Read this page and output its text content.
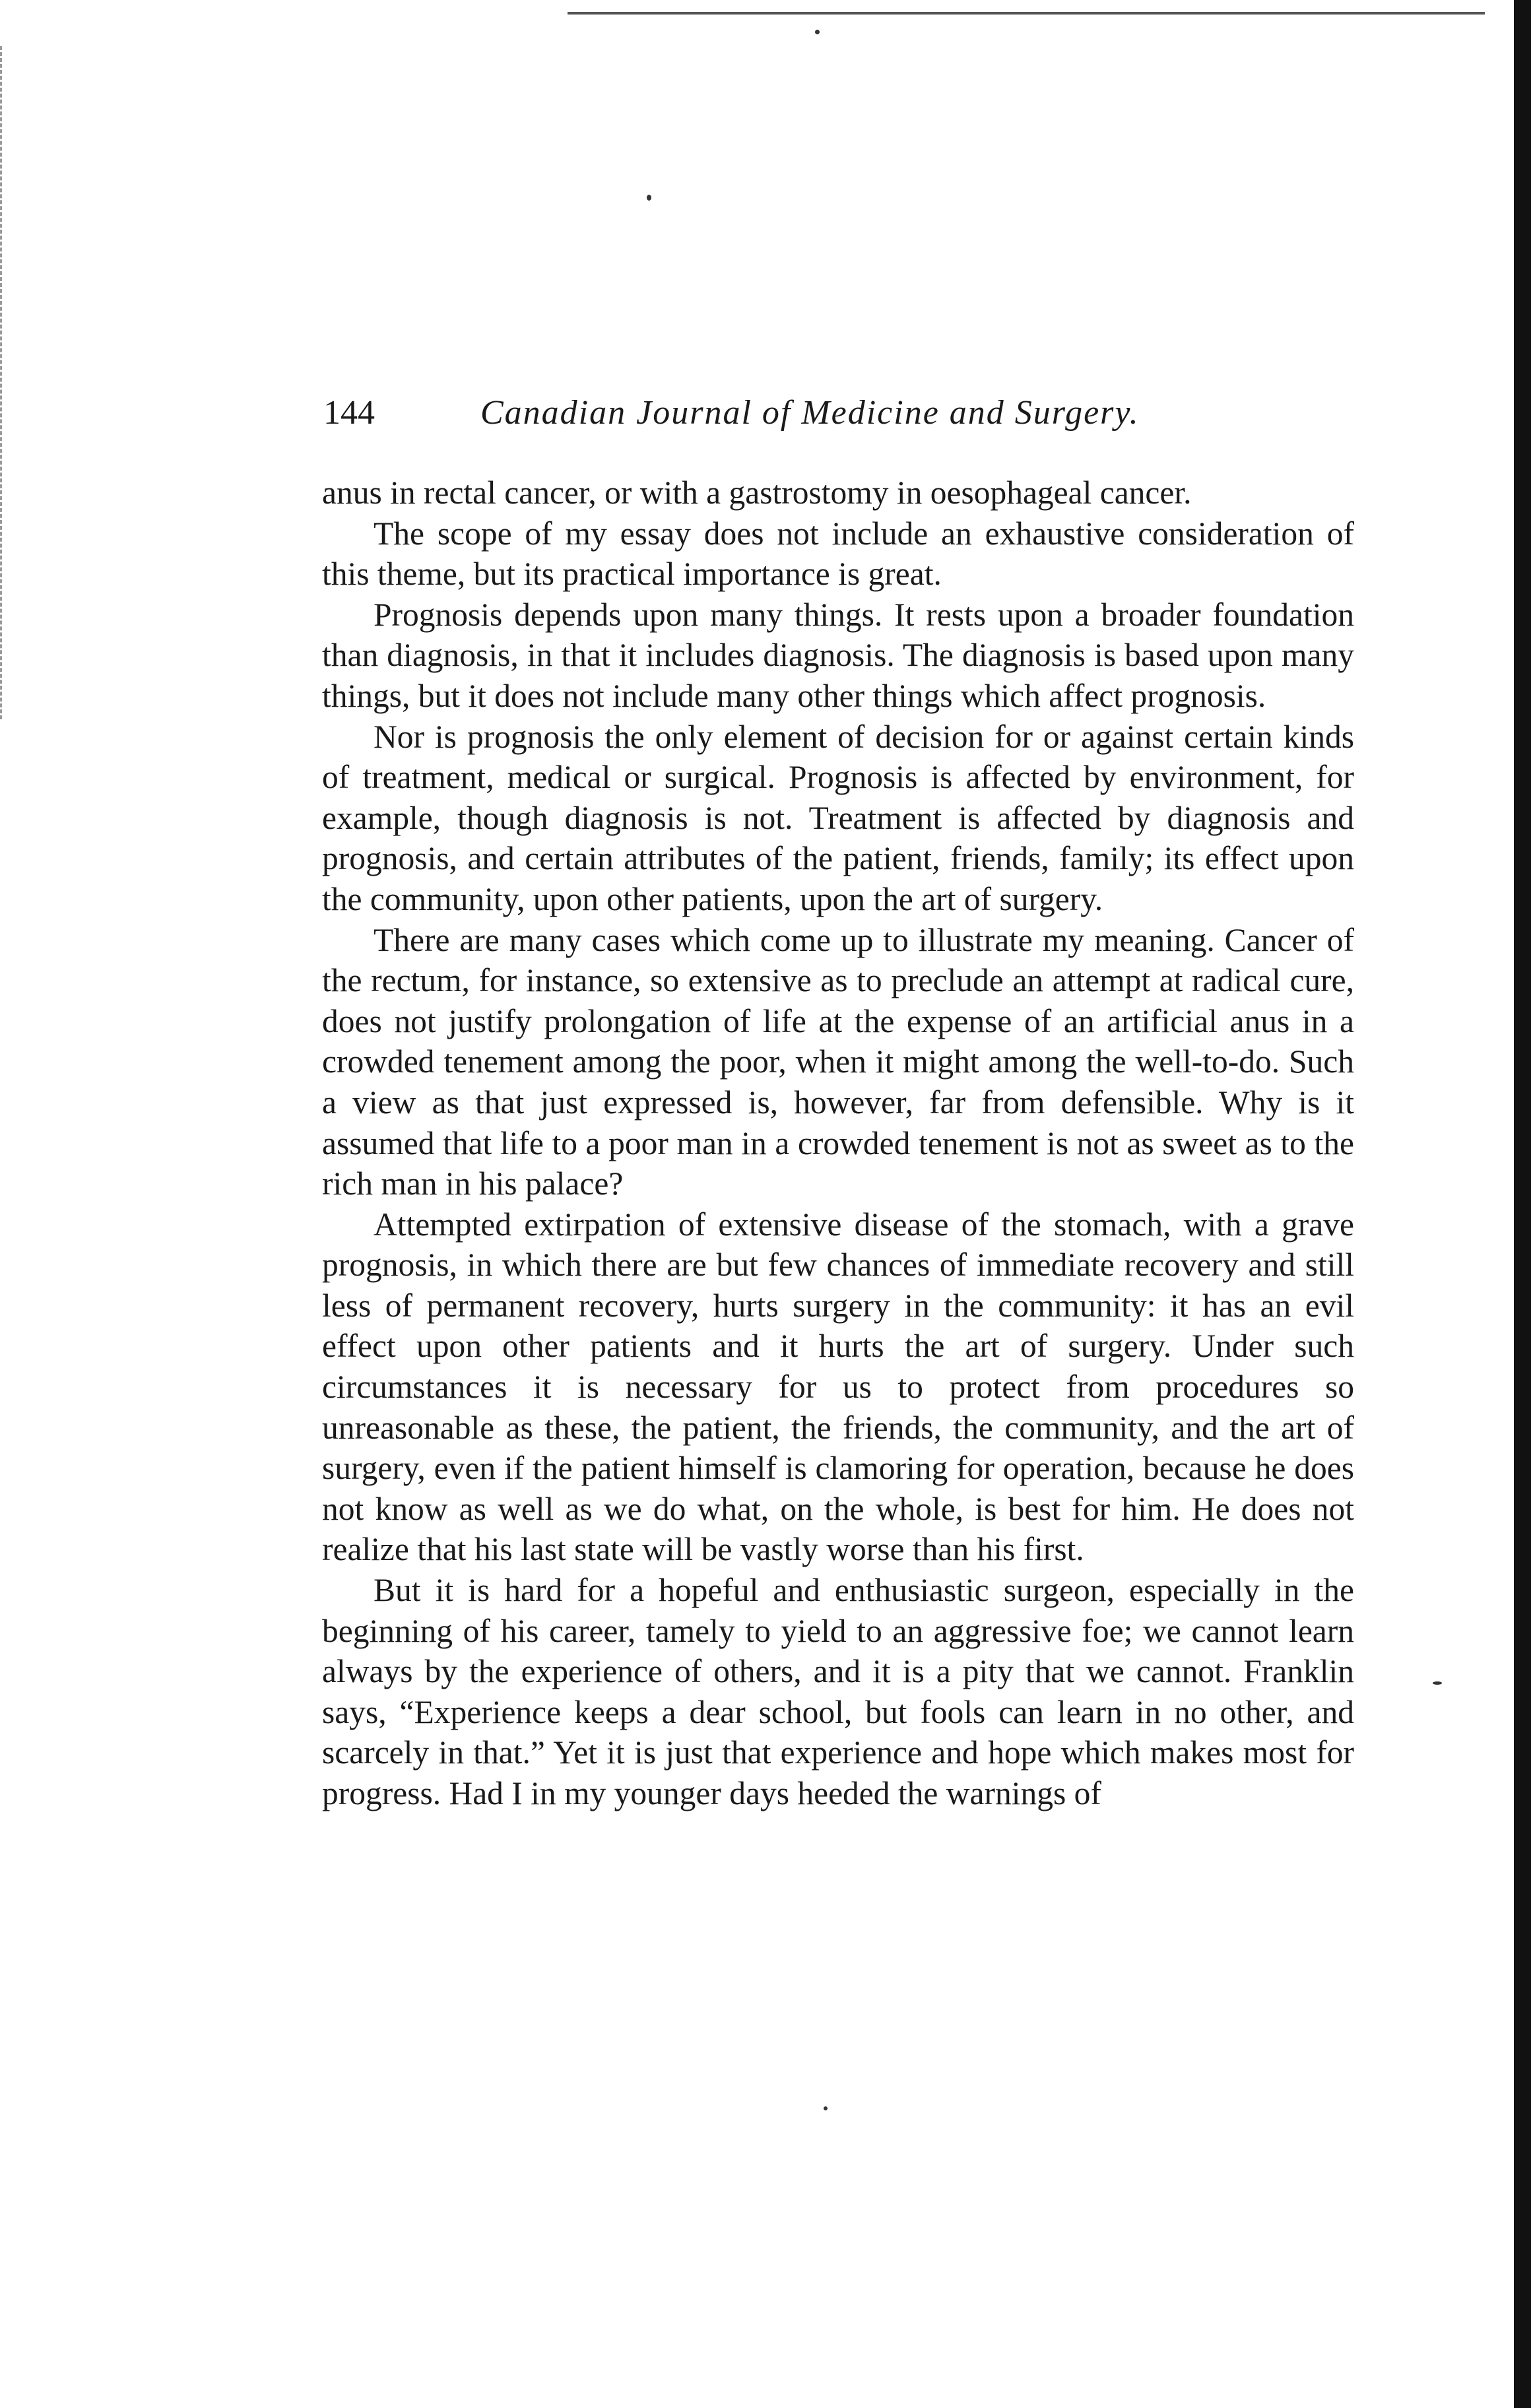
144	Canadian Journal of Medicine and Surgery.

anus in rectal cancer, or with a gastrostomy in oesophageal cancer.

The scope of my essay does not include an exhaustive consideration of this theme, but its practical importance is great.

Prognosis depends upon many things. It rests upon a broader foundation than diagnosis, in that it includes diagnosis. The diagnosis is based upon many things, but it does not include many other things which affect prognosis.

Nor is prognosis the only element of decision for or against certain kinds of treatment, medical or surgical. Prognosis is affected by environment, for example, though diagnosis is not. Treatment is affected by diagnosis and prognosis, and certain attributes of the patient, friends, family; its effect upon the community, upon other patients, upon the art of surgery.

There are many cases which come up to illustrate my meaning. Cancer of the rectum, for instance, so extensive as to preclude an attempt at radical cure, does not justify prolongation of life at the expense of an artificial anus in a crowded tenement among the poor, when it might among the well-to-do. Such a view as that just expressed is, however, far from defensible. Why is it assumed that life to a poor man in a crowded tenement is not as sweet as to the rich man in his palace?

Attempted extirpation of extensive disease of the stomach, with a grave prognosis, in which there are but few chances of immediate recovery and still less of permanent recovery, hurts surgery in the community: it has an evil effect upon other patients and it hurts the art of surgery. Under such circumstances it is necessary for us to protect from procedures so unreasonable as these, the patient, the friends, the community, and the art of surgery, even if the patient himself is clamoring for operation, because he does not know as well as we do what, on the whole, is best for him. He does not realize that his last state will be vastly worse than his first.

But it is hard for a hopeful and enthusiastic surgeon, especially in the beginning of his career, tamely to yield to an aggressive foe; we cannot learn always by the experience of others, and it is a pity that we cannot. Franklin says, “Experience keeps a dear school, but fools can learn in no other, and scarcely in that.” Yet it is just that experience and hope which makes most for progress. Had I in my younger days heeded the warnings of
